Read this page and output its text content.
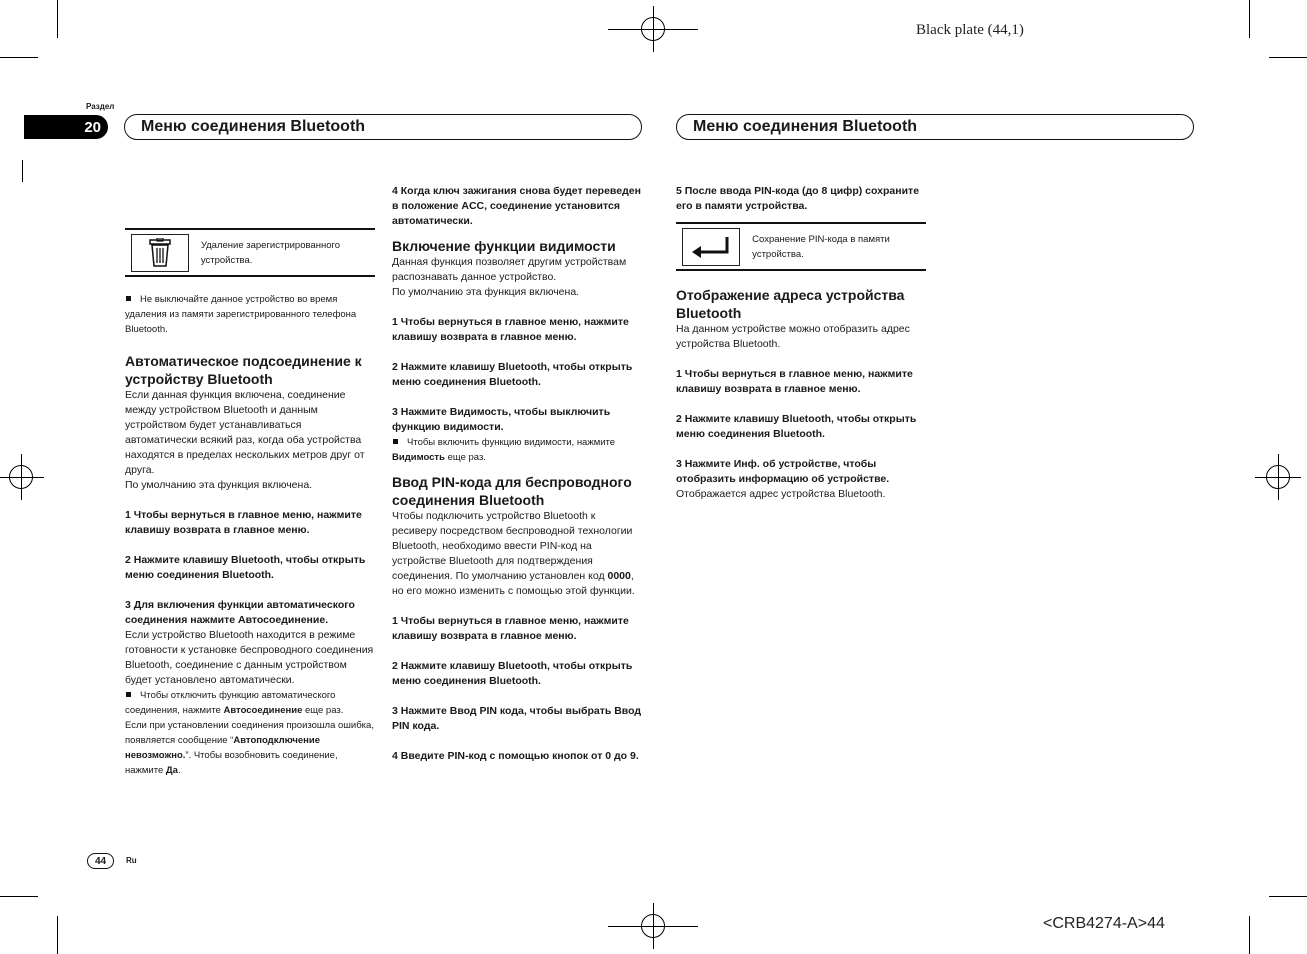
Black plate (44,1)
<CRB4274-A>44
Раздел
20	Меню соединения Bluetooth	Меню соединения Bluetooth
44	Ru
Удаление зарегистрированного устройства.

Не выключайте данное устройство во время удаления из памяти зарегистрированного телефона Bluetooth.

Автоматическое подсоединение к устройству Bluetooth

Если данная функция включена, соединение между устройством Bluetooth и данным устройством будет устанавливаться автоматически всякий раз, когда оба устройства находятся в пределах нескольких метров друг от друга.

По умолчанию эта функция включена.

1 Чтобы вернуться в главное меню, нажмите клавишу возврата в главное меню.

2 Нажмите клавишу Bluetooth, чтобы открыть меню соединения Bluetooth.

3 Для включения функции автоматического соединения нажмите Автосоединение.

Если устройство Bluetooth находится в режиме готовности к установке беспроводного соединения Bluetooth, соединение с данным устройством будет установлено автоматически.

Чтобы отключить функцию автоматического соединения, нажмите Автосоединение еще раз.

Если при установлении соединения произошла ошибка, появляется сообщение “Автоподключение невозможно.”. Чтобы возобновить соединение, нажмите Да.

4 Когда ключ зажигания снова будет переведен в положение ACC, соединение установится автоматически.

Включение функции видимости

Данная функция позволяет другим устройствам распознавать данное устройство.

По умолчанию эта функция включена.

1 Чтобы вернуться в главное меню, нажмите клавишу возврата в главное меню.

2 Нажмите клавишу Bluetooth, чтобы открыть меню соединения Bluetooth.

3 Нажмите Видимость, чтобы выключить функцию видимости.

Чтобы включить функцию видимости, нажмите Видимость еще раз.

Ввод PIN-кода для беспроводного соединения Bluetooth

Чтобы подключить устройство Bluetooth к ресиверу посредством беспроводной технологии Bluetooth, необходимо ввести PIN-код на устройстве Bluetooth для подтверждения соединения. По умолчанию установлен код 0000, но его можно изменить с помощью этой функции.

1 Чтобы вернуться в главное меню, нажмите клавишу возврата в главное меню.

2 Нажмите клавишу Bluetooth, чтобы открыть меню соединения Bluetooth.

3 Нажмите Ввод PIN кода, чтобы выбрать Ввод PIN кода.

4 Введите PIN-код с помощью кнопок от 0 до 9.

5 После ввода PIN-кода (до 8 цифр) сохраните его в памяти устройства.

Сохранение PIN-кода в памяти устройства.

Отображение адреса устройства Bluetooth

На данном устройстве можно отобразить адрес устройства Bluetooth.

1 Чтобы вернуться в главное меню, нажмите клавишу возврата в главное меню.

2 Нажмите клавишу Bluetooth, чтобы открыть меню соединения Bluetooth.

3 Нажмите Инф. об устройстве, чтобы отобразить информацию об устройстве.

Отображается адрес устройства Bluetooth.
